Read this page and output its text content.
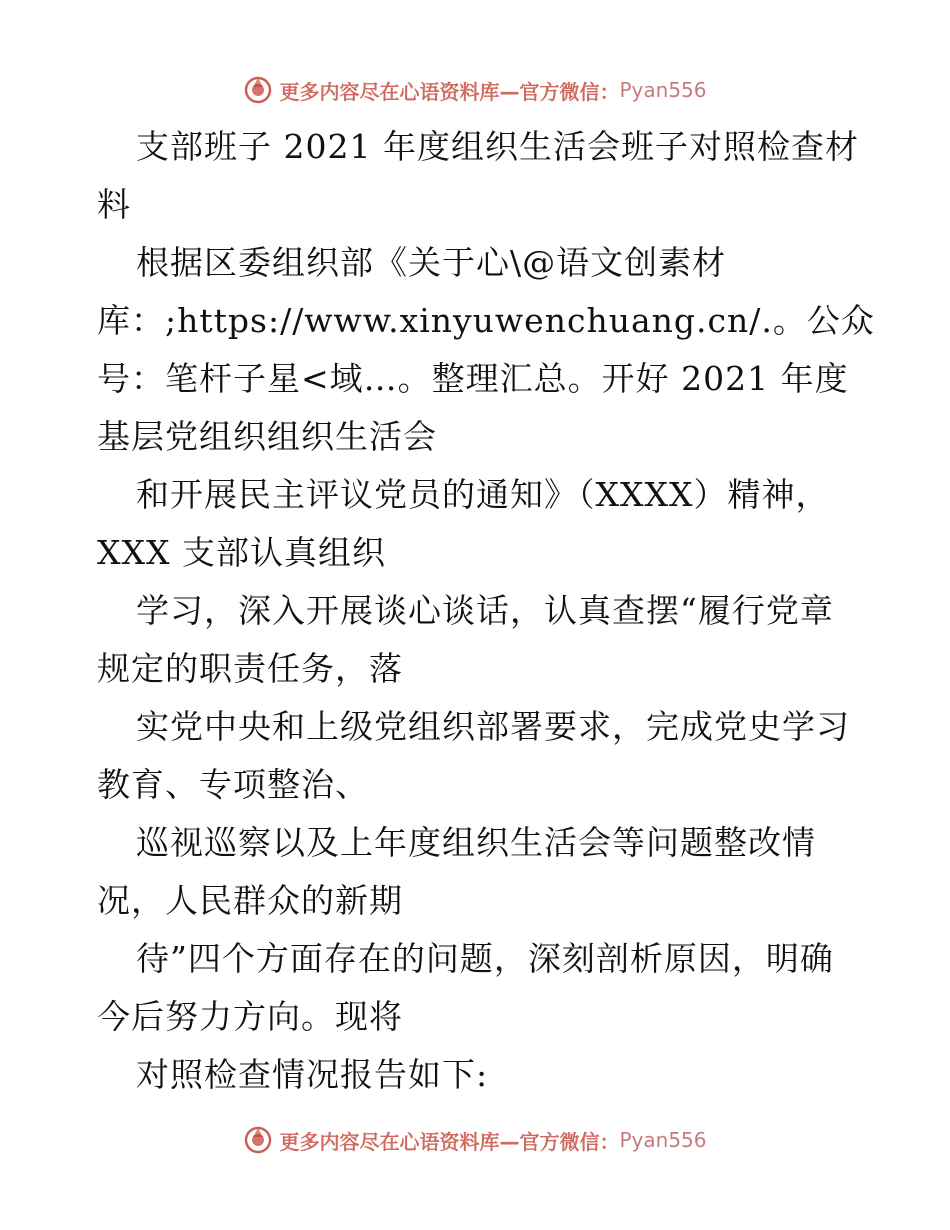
更多内容尽在心语资料库—官方微信： Pyan556
支部班子 2021 年度组织生活会班子对照检查材
料
根据区委组织部《关于心\@语文创素材
库：;https://www.xinyuwenchuang.cn/.。公众
号：笔杆子星<域…。整理汇总。开好 2021 年度
基层党组织组织生活会
和开展民主评议党员的通知》（XXXX）精神，
XXX 支部认真组织
学习，深入开展谈心谈话，认真查摆“履行党章
规定的职责任务，落
实党中央和上级党组织部署要求，完成党史学习
教育、专项整治、
巡视巡察以及上年度组织生活会等问题整改情
况，人民群众的新期
待”四个方面存在的问题，深刻剖析原因，明确
今后努力方向。现将
对照检查情况报告如下:
更多内容尽在心语资料库—官方微信： Pyan556
